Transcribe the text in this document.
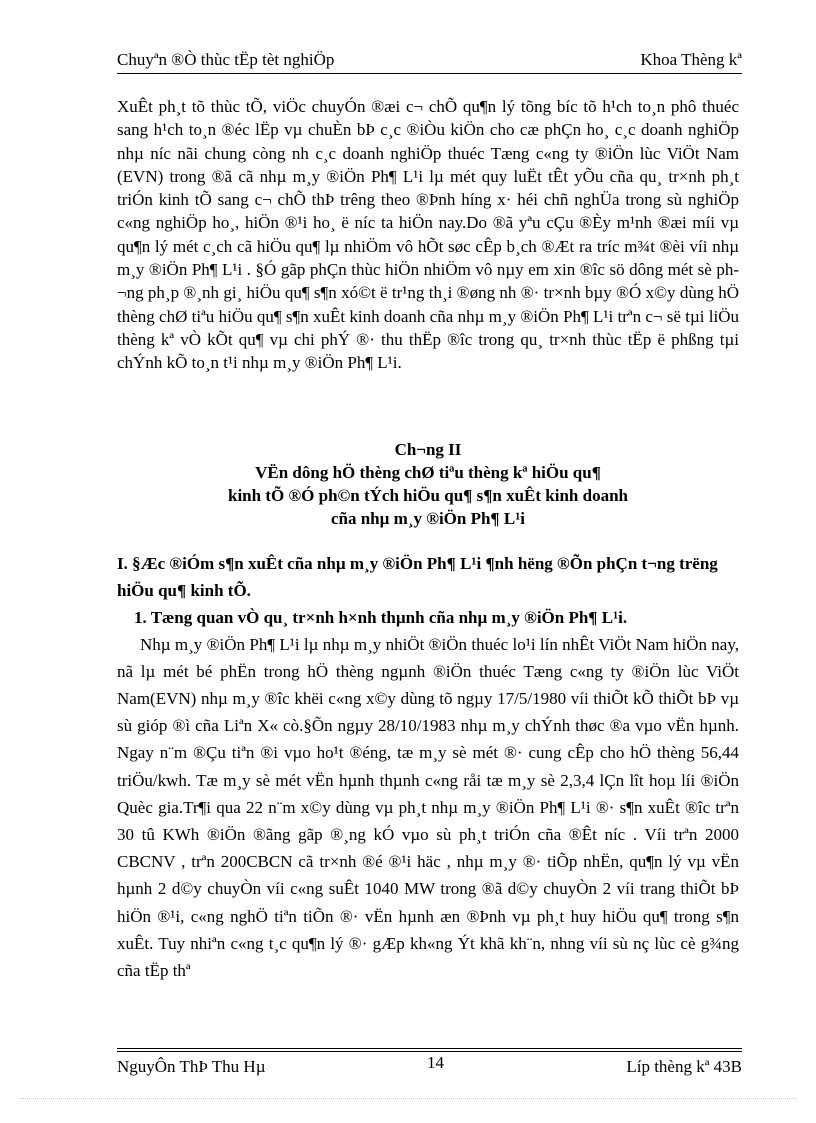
Chuyªn ®Ò thùc tËp tèt nghiÖp	Khoa Thèng kª

XuÊt ph¸t tõ thùc tÕ, viÖc chuyÓn ®æi c¬ chÕ qu¶n lý tõng bíc tõ h¹ch to¸n phô thuéc sang h¹ch to¸n ®éc lËp vµ chuÈn bÞ c¸c ®iÒu kiÖn cho cæ phÇn ho¸ c¸c doanh nghiÖp nhµ níc nãi chung còng nh c¸c doanh nghiÖp thuéc Tæng c«ng ty ®iÖn lùc ViÖt Nam (EVN) trong ®ã cã nhµ m¸y ®iÖn Ph¶ L¹i lµ mét quy luËt tÊt yÕu cña qu¸ tr×nh ph¸t triÓn kinh tÕ sang c¬ chÕ thÞ trêng theo ®Þnh híng x· héi chñ nghÜa trong sù nghiÖp c«ng nghiÖp ho¸, hiÖn ®¹i ho¸ ë níc ta hiÖn nay.Do ®ã yªu cÇu ®Èy m¹nh ®æi míi vµ qu¶n lý mét c¸ch cã hiÖu qu¶ lµ nhiÖm vô hÕt søc cÊp b¸ch ®Æt ra tríc m¾t ®èi víi nhµ m¸y ®iÖn Ph¶ L¹i . §Ó gãp phÇn thùc hiÖn nhiÖm vô nµy em xin ®îc sö dông mét sè ph¬ng ph¸p ®¸nh gi¸ hiÖu qu¶ s¶n xó©t ë tr¹ng th¸i ®øng nh ®· tr×nh bµy ®Ó x©y dùng hÖ thèng chØ tiªu hiÖu qu¶ s¶n xuÊt kinh doanh cña nhµ m¸y ®iÖn Ph¶ L¹i trªn c¬ së tµi liÖu thèng kª vÒ kÕt qu¶ vµ chi phÝ ®· thu thËp ®îc trong qu¸ tr×nh thùc tËp ë phßng tµi chÝnh kÕ to¸n t¹i nhµ m¸y ®iÖn Ph¶ L¹i.

Ch¬ng II
VËn dông hÖ thèng chØ tiªu thèng kª hiÖu qu¶
kinh tÕ ®Ó ph©n tÝch hiÖu qu¶ s¶n xuÊt kinh doanh
cña nhµ m¸y ®iÖn Ph¶ L¹i
I. §Æc ®iÓm s¶n xuÊt cña nhµ m¸y ®iÖn Ph¶ L¹i ¶nh hëng ®Õn phÇn t¬ng trëng hiÖu qu¶ kinh tÕ.
1. Tæng quan vÒ qu¸ tr×nh h×nh thµnh cña nhµ m¸y ®iÖn Ph¶ L¹i.

Nhµ m¸y ®iÖn Ph¶ L¹i lµ nhµ m¸y nhiÖt ®iÖn thuéc lo¹i lín nhÊt ViÖt Nam hiÖn nay, nã lµ mét bé phËn trong hÖ thèng ngµnh ®iÖn thuéc Tæng c«ng ty ®iÖn lùc ViÖt Nam(EVN) nhµ m¸y ®îc khëi c«ng x©y dùng tõ ngµy 17/5/1980 víi thiÕt kÕ thiÕt bÞ vµ sù gióp ®ì cña Liªn X« cò.§Õn ngµy 28/10/1983 nhµ m¸y chÝnh thøc ®a vµo vËn hµnh. Ngay n¨m ®Çu tiªn ®i vµo ho¹t ®éng, tæ m¸y sè mét ®· cung cÊp cho hÖ thèng 56,44 triÖu/kwh. Tæ m¸y sè mét vËn hµnh thµnh c«ng råi tæ m¸y sè 2,3,4 lÇn lît hoµ líi ®iÖn Quèc gia.Tr¶i qua 22 n¨m x©y dùng vµ ph¸t nhµ m¸y ®iÖn Ph¶ L¹i ®· s¶n xuÊt ®îc trªn 30 tû KWh ®iÖn ®ãng gãp ®¸ng kÓ vµo sù ph¸t triÓn cña ®Êt níc . Víi trªn 2000 CBCNV , trªn 200CBCN cã tr×nh ®é ®¹i häc , nhµ m¸y ®· tiÕp nhËn, qu¶n lý vµ vËn hµnh 2 d©y chuyÒn víi c«ng suÊt 1040 MW trong ®ã d©y chuyÒn 2 víi trang thiÕt bÞ hiÖn ®¹i, c«ng nghÖ tiªn tiÕn ®· vËn hµnh æn ®Þnh vµ ph¸t huy hiÖu qu¶ trong s¶n xuÊt. Tuy nhiªn c«ng t¸c qu¶n lý ®· gÆp kh«ng Ýt khã kh¨n, nhng víi sù nç lùc cè g¾ng cña tËp thª

NguyÔn ThÞ Thu Hµ	14	Líp thèng kª 43B
